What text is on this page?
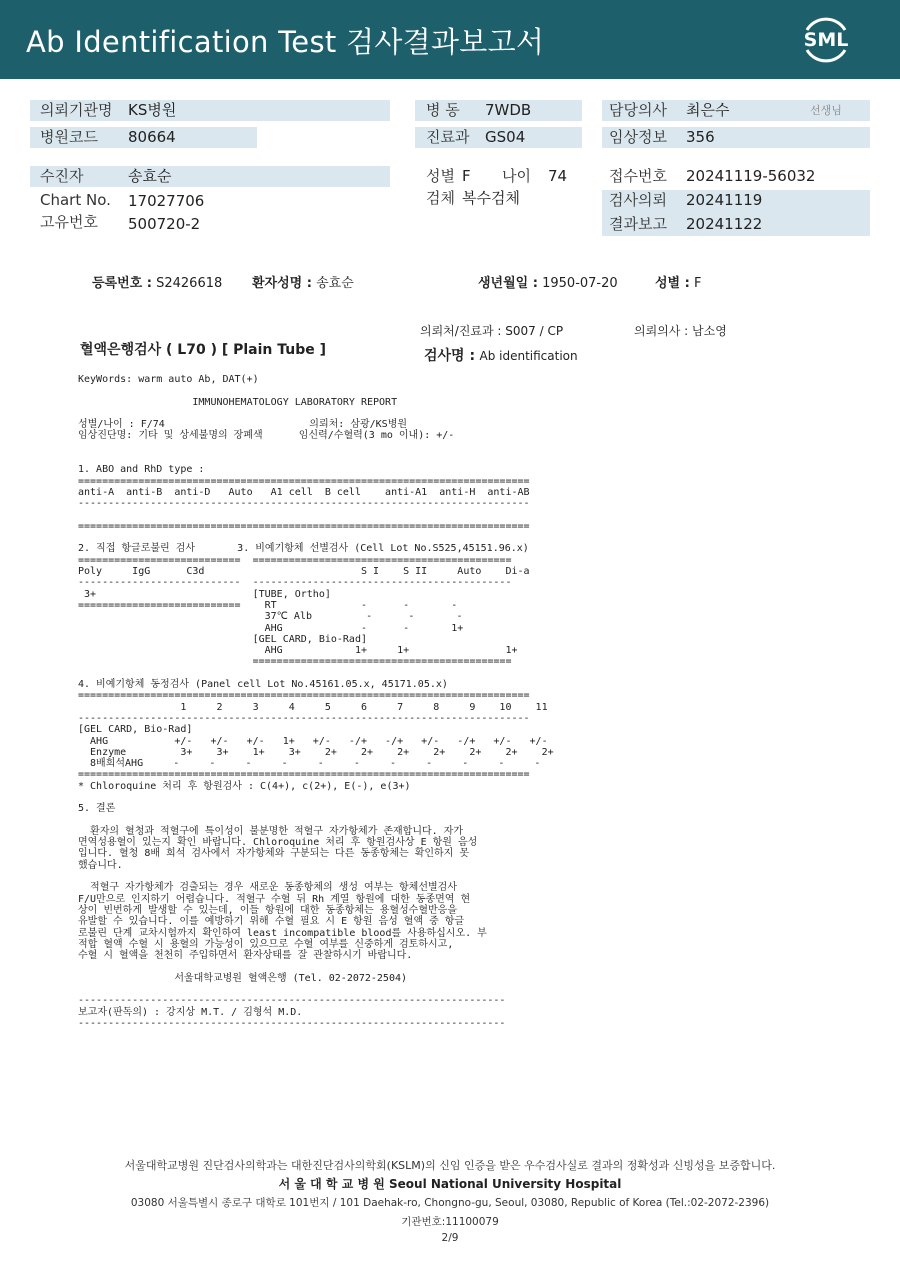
Ab Identification Test 검사결과보고서	SML
의뢰기관명 KS병원
병원코드 80664
수진자	송효순
Chart No. 17027706
고유번호 500720-2
병 동 7WDB
진료과 GS04
성별 F 나이 74
검체 복수검체
담당의사 최은수	선생님
임상정보 356
접수번호 20241119-56032
검사의뢰 20241119
결과보고 20241122
등록번호 : S2426618 환자성명 : 송효순	생년월일 : 1950-07-20	성별 : F
의뢰처/진료과 : S007 / CP	의뢰의사 : 남소영
혈액은행검사 ( L70 ) [ Plain Tube ]	검사명 : Ab identification
KeyWords: warm auto Ab, DAT(+)

IMMUNOHEMATOLOGY LABORATORY REPORT

성별/나이 : F/74                        의뢰처: 삼광/KS병원
임상진단명: 기타 및 상세불명의 장폐색      임신력/수혈력(3 mo 이내): +/-

1. ABO and RhD type :
===========================================================================
anti-A  anti-B  anti-D   Auto   A1 cell  B cell    anti-A1  anti-H  anti-AB
---------------------------------------------------------------------------

===========================================================================

2. 직접 항글로불린 검사       3. 비예기항체 선별검사 (Cell Lot No.S525,45151.96.x)
===========================  ===========================================
Poly     IgG      C3d                          S I    S II     Auto    Di-a
---------------------------  -------------------------------------------
3+                          [TUBE, Ortho]
===========================    RT              -      -       -
37℃ Alb         -      -       -
AHG             -      -       1+
[GEL CARD, Bio-Rad]
AHG            1+     1+                1+
===========================================

4. 비예기항체 동정검사 (Panel cell Lot No.45161.05.x, 45171.05.x)
===========================================================================
1     2     3     4     5     6     7     8     9    10    11
---------------------------------------------------------------------------
[GEL CARD, Bio-Rad]
AHG           +/-   +/-   +/-   1+   +/-   -/+   -/+   +/-   -/+   +/-   +/-
Enzyme         3+    3+    1+    3+    2+    2+    2+    2+    2+    2+    2+
8배희석AHG     -     -     -     -     -     -     -     -     -     -     -
===========================================================================
* Chloroquine 처리 후 항원검사 : C(4+), c(2+), E(-), e(3+)

5. 결론

환자의 혈청과 적혈구에 특이성이 불분명한 적혈구 자가항체가 존재합니다. 자가
면역성용혈이 있는지 확인 바랍니다. Chloroquine 처리 후 항원검사상 E 항원 음성
입니다. 혈청 8배 희석 검사에서 자가항체와 구분되는 다른 동종항체는 확인하지 못
했습니다.

적혈구 자가항체가 검출되는 경우 새로운 동종항체의 생성 여부는 항체선별검사
F/U만으로 인지하기 어렵습니다. 적혈구 수혈 뒤 Rh 계열 항원에 대한 동종면역 현
상이 빈번하게 발생할 수 있는데, 이들 항원에 대한 동종항체는 용혈성수혈반응을
유발할 수 있습니다. 이를 예방하기 위해 수혈 필요 시 E 항원 음성 혈액 중 항글
로불린 단계 교차시험까지 확인하여 least incompatible blood를 사용하십시오. 부
적합 혈액 수혈 시 용혈의 가능성이 있으므로 수혈 여부를 신중하게 검토하시고,
수혈 시 혈액을 천천히 주입하면서 환자상태를 잘 관찰하시기 바랍니다.

서울대학교병원 혈액은행 (Tel. 02-2072-2504)

-----------------------------------------------------------------------
보고자(판독의) : 강지상 M.T. / 김형석 M.D.
-----------------------------------------------------------------------
서울대학교병원 진단검사의학과는 대한진단검사의학회(KSLM)의 신임 인증을 받은 우수검사실로 결과의 정확성과 신빙성을 보증합니다.
서 울 대 학 교 병 원 Seoul National University Hospital
03080 서울특별시 종로구 대학로 101번지 / 101 Daehak-ro, Chongno-gu, Seoul, 03080, Republic of Korea (Tel.:02-2072-2396)
기관번호:11100079
2/9
